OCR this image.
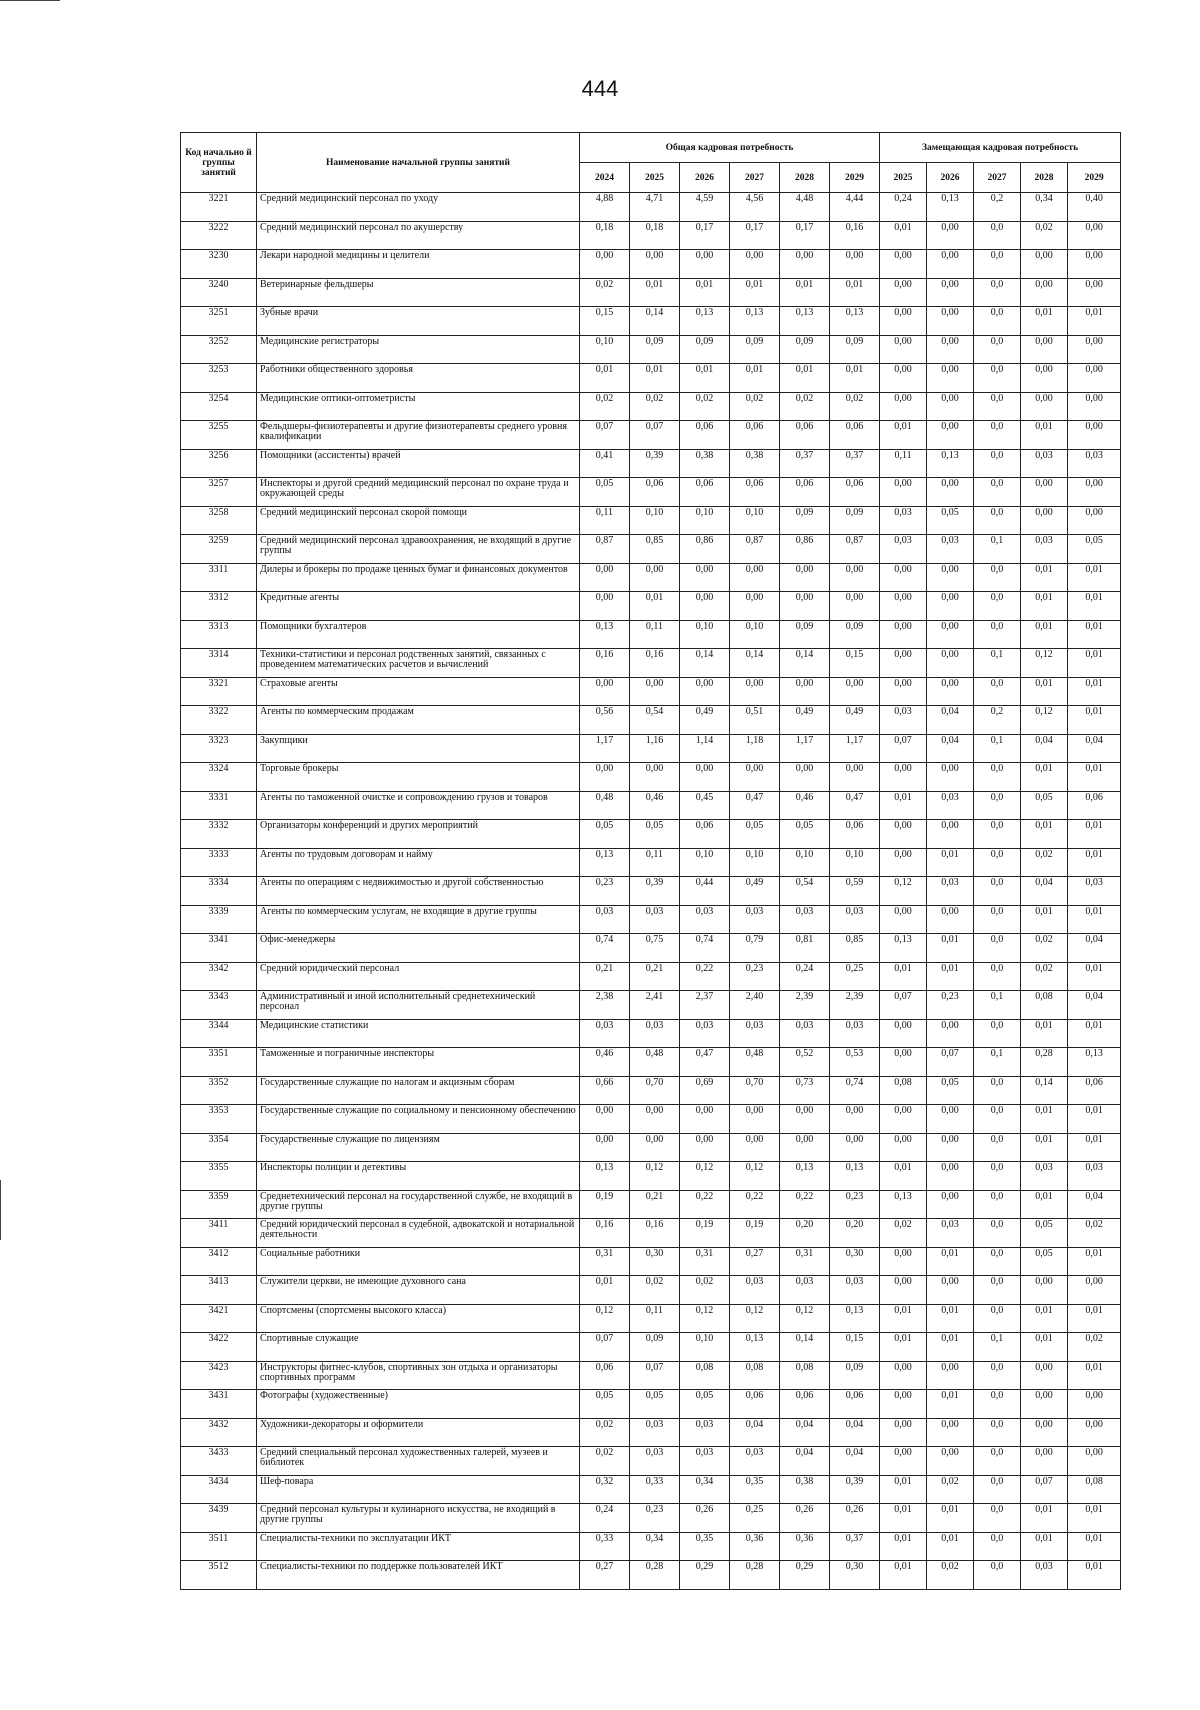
444
Код начально й группы занятий	Наименование начальной группы занятий	Общая кадровая потребность						Замещающая кадровая потребность				
		2024	2025	2026	2027	2028	2029	2025	2026	2027	2028	2029
3221	Средний медицинский персонал по уходу	4,88	4,71	4,59	4,56	4,48	4,44	0,24	0,13	0,2	0,34	0,40
3222	Средний медицинский персонал по акушерству	0,18	0,18	0,17	0,17	0,17	0,16	0,01	0,00	0,0	0,02	0,00
3230	Лекари народной медицины и целители	0,00	0,00	0,00	0,00	0,00	0,00	0,00	0,00	0,0	0,00	0,00
3240	Ветеринарные фельдшеры	0,02	0,01	0,01	0,01	0,01	0,01	0,00	0,00	0,0	0,00	0,00
3251	Зубные врачи	0,15	0,14	0,13	0,13	0,13	0,13	0,00	0,00	0,0	0,01	0,01
3252	Медицинские регистраторы	0,10	0,09	0,09	0,09	0,09	0,09	0,00	0,00	0,0	0,00	0,00
3253	Работники общественного здоровья	0,01	0,01	0,01	0,01	0,01	0,01	0,00	0,00	0,0	0,00	0,00
3254	Медицинские оптики-оптометристы	0,02	0,02	0,02	0,02	0,02	0,02	0,00	0,00	0,0	0,00	0,00
3255	Фельдшеры-физиотерапевты и другие физиотерапевты среднего уровня квалификации	0,07	0,07	0,06	0,06	0,06	0,06	0,01	0,00	0,0	0,01	0,00
3256	Помощники (ассистенты) врачей	0,41	0,39	0,38	0,38	0,37	0,37	0,11	0,13	0,0	0,03	0,03
3257	Инспекторы и другой средний медицинский персонал по охране труда и окружающей среды	0,05	0,06	0,06	0,06	0,06	0,06	0,00	0,00	0,0	0,00	0,00
3258	Средний медицинский персонал скорой помощи	0,11	0,10	0,10	0,10	0,09	0,09	0,03	0,05	0,0	0,00	0,00
3259	Средний медицинский персонал здравоохранения, не входящий в другие группы	0,87	0,85	0,86	0,87	0,86	0,87	0,03	0,03	0,1	0,03	0,05
3311	Дилеры и брокеры по продаже ценных бумаг и финансовых документов	0,00	0,00	0,00	0,00	0,00	0,00	0,00	0,00	0,0	0,01	0,01
3312	Кредитные агенты	0,00	0,01	0,00	0,00	0,00	0,00	0,00	0,00	0,0	0,01	0,01
3313	Помощники бухгалтеров	0,13	0,11	0,10	0,10	0,09	0,09	0,00	0,00	0,0	0,01	0,01
3314	Техники-статистики и персонал родственных занятий, связанных с проведением математических расчетов и вычислений	0,16	0,16	0,14	0,14	0,14	0,15	0,00	0,00	0,1	0,12	0,01
3321	Страховые агенты	0,00	0,00	0,00	0,00	0,00	0,00	0,00	0,00	0,0	0,01	0,01
3322	Агенты по коммерческим продажам	0,56	0,54	0,49	0,51	0,49	0,49	0,03	0,04	0,2	0,12	0,01
3323	Закупщики	1,17	1,16	1,14	1,18	1,17	1,17	0,07	0,04	0,1	0,04	0,04
3324	Торговые брокеры	0,00	0,00	0,00	0,00	0,00	0,00	0,00	0,00	0,0	0,01	0,01
3331	Агенты по таможенной очистке и сопровождению грузов и товаров	0,48	0,46	0,45	0,47	0,46	0,47	0,01	0,03	0,0	0,05	0,06
3332	Организаторы конференций и других мероприятий	0,05	0,05	0,06	0,05	0,05	0,06	0,00	0,00	0,0	0,01	0,01
3333	Агенты по трудовым договорам и найму	0,13	0,11	0,10	0,10	0,10	0,10	0,00	0,01	0,0	0,02	0,01
3334	Агенты по операциям с недвижимостью и другой собственностью	0,23	0,39	0,44	0,49	0,54	0,59	0,12	0,03	0,0	0,04	0,03
3339	Агенты по коммерческим услугам, не входящие в другие группы	0,03	0,03	0,03	0,03	0,03	0,03	0,00	0,00	0,0	0,01	0,01
3341	Офис-менеджеры	0,74	0,75	0,74	0,79	0,81	0,85	0,13	0,01	0,0	0,02	0,04
3342	Средний юридический персонал	0,21	0,21	0,22	0,23	0,24	0,25	0,01	0,01	0,0	0,02	0,01
3343	Административный и иной исполнительный среднетехнический персонал	2,38	2,41	2,37	2,40	2,39	2,39	0,07	0,23	0,1	0,08	0,04
3344	Медицинские статистики	0,03	0,03	0,03	0,03	0,03	0,03	0,00	0,00	0,0	0,01	0,01
3351	Таможенные и пограничные инспекторы	0,46	0,48	0,47	0,48	0,52	0,53	0,00	0,07	0,1	0,28	0,13
3352	Государственные служащие по налогам и акцизным сборам	0,66	0,70	0,69	0,70	0,73	0,74	0,08	0,05	0,0	0,14	0,06
3353	Государственные служащие по социальному и пенсионному обеспечению	0,00	0,00	0,00	0,00	0,00	0,00	0,00	0,00	0,0	0,01	0,01
3354	Государственные служащие по лицензиям	0,00	0,00	0,00	0,00	0,00	0,00	0,00	0,00	0,0	0,01	0,01
3355	Инспекторы полиции и детективы	0,13	0,12	0,12	0,12	0,13	0,13	0,01	0,00	0,0	0,03	0,03
3359	Среднетехнический персонал на государственной службе, не входящий в другие группы	0,19	0,21	0,22	0,22	0,22	0,23	0,13	0,00	0,0	0,01	0,04
3411	Средний юридический персонал в судебной, адвокатской и нотариальной деятельности	0,16	0,16	0,19	0,19	0,20	0,20	0,02	0,03	0,0	0,05	0,02
3412	Социальные работники	0,31	0,30	0,31	0,27	0,31	0,30	0,00	0,01	0,0	0,05	0,01
3413	Служители церкви, не имеющие духовного сана	0,01	0,02	0,02	0,03	0,03	0,03	0,00	0,00	0,0	0,00	0,00
3421	Спортсмены (спортсмены высокого класса)	0,12	0,11	0,12	0,12	0,12	0,13	0,01	0,01	0,0	0,01	0,01
3422	Спортивные служащие	0,07	0,09	0,10	0,13	0,14	0,15	0,01	0,01	0,1	0,01	0,02
3423	Инструкторы фитнес-клубов, спортивных зон отдыха и организаторы спортивных программ	0,06	0,07	0,08	0,08	0,08	0,09	0,00	0,00	0,0	0,00	0,01
3431	Фотографы (художественные)	0,05	0,05	0,05	0,06	0,06	0,06	0,00	0,01	0,0	0,00	0,00
3432	Художники-декораторы и оформители	0,02	0,03	0,03	0,04	0,04	0,04	0,00	0,00	0,0	0,00	0,00
3433	Средний специальный персонал художественных галерей, музеев и библиотек	0,02	0,03	0,03	0,03	0,04	0,04	0,00	0,00	0,0	0,00	0,00
3434	Шеф-повара	0,32	0,33	0,34	0,35	0,38	0,39	0,01	0,02	0,0	0,07	0,08
3439	Средний персонал культуры и кулинарного искусства, не входящий в другие группы	0,24	0,23	0,26	0,25	0,26	0,26	0,01	0,01	0,0	0,01	0,01
3511	Специалисты-техники по эксплуатации ИКТ	0,33	0,34	0,35	0,36	0,36	0,37	0,01	0,01	0,0	0,01	0,01
3512	Специалисты-техники по поддержке пользователей ИКТ	0,27	0,28	0,29	0,28	0,29	0,30	0,01	0,02	0,0	0,03	0,01
